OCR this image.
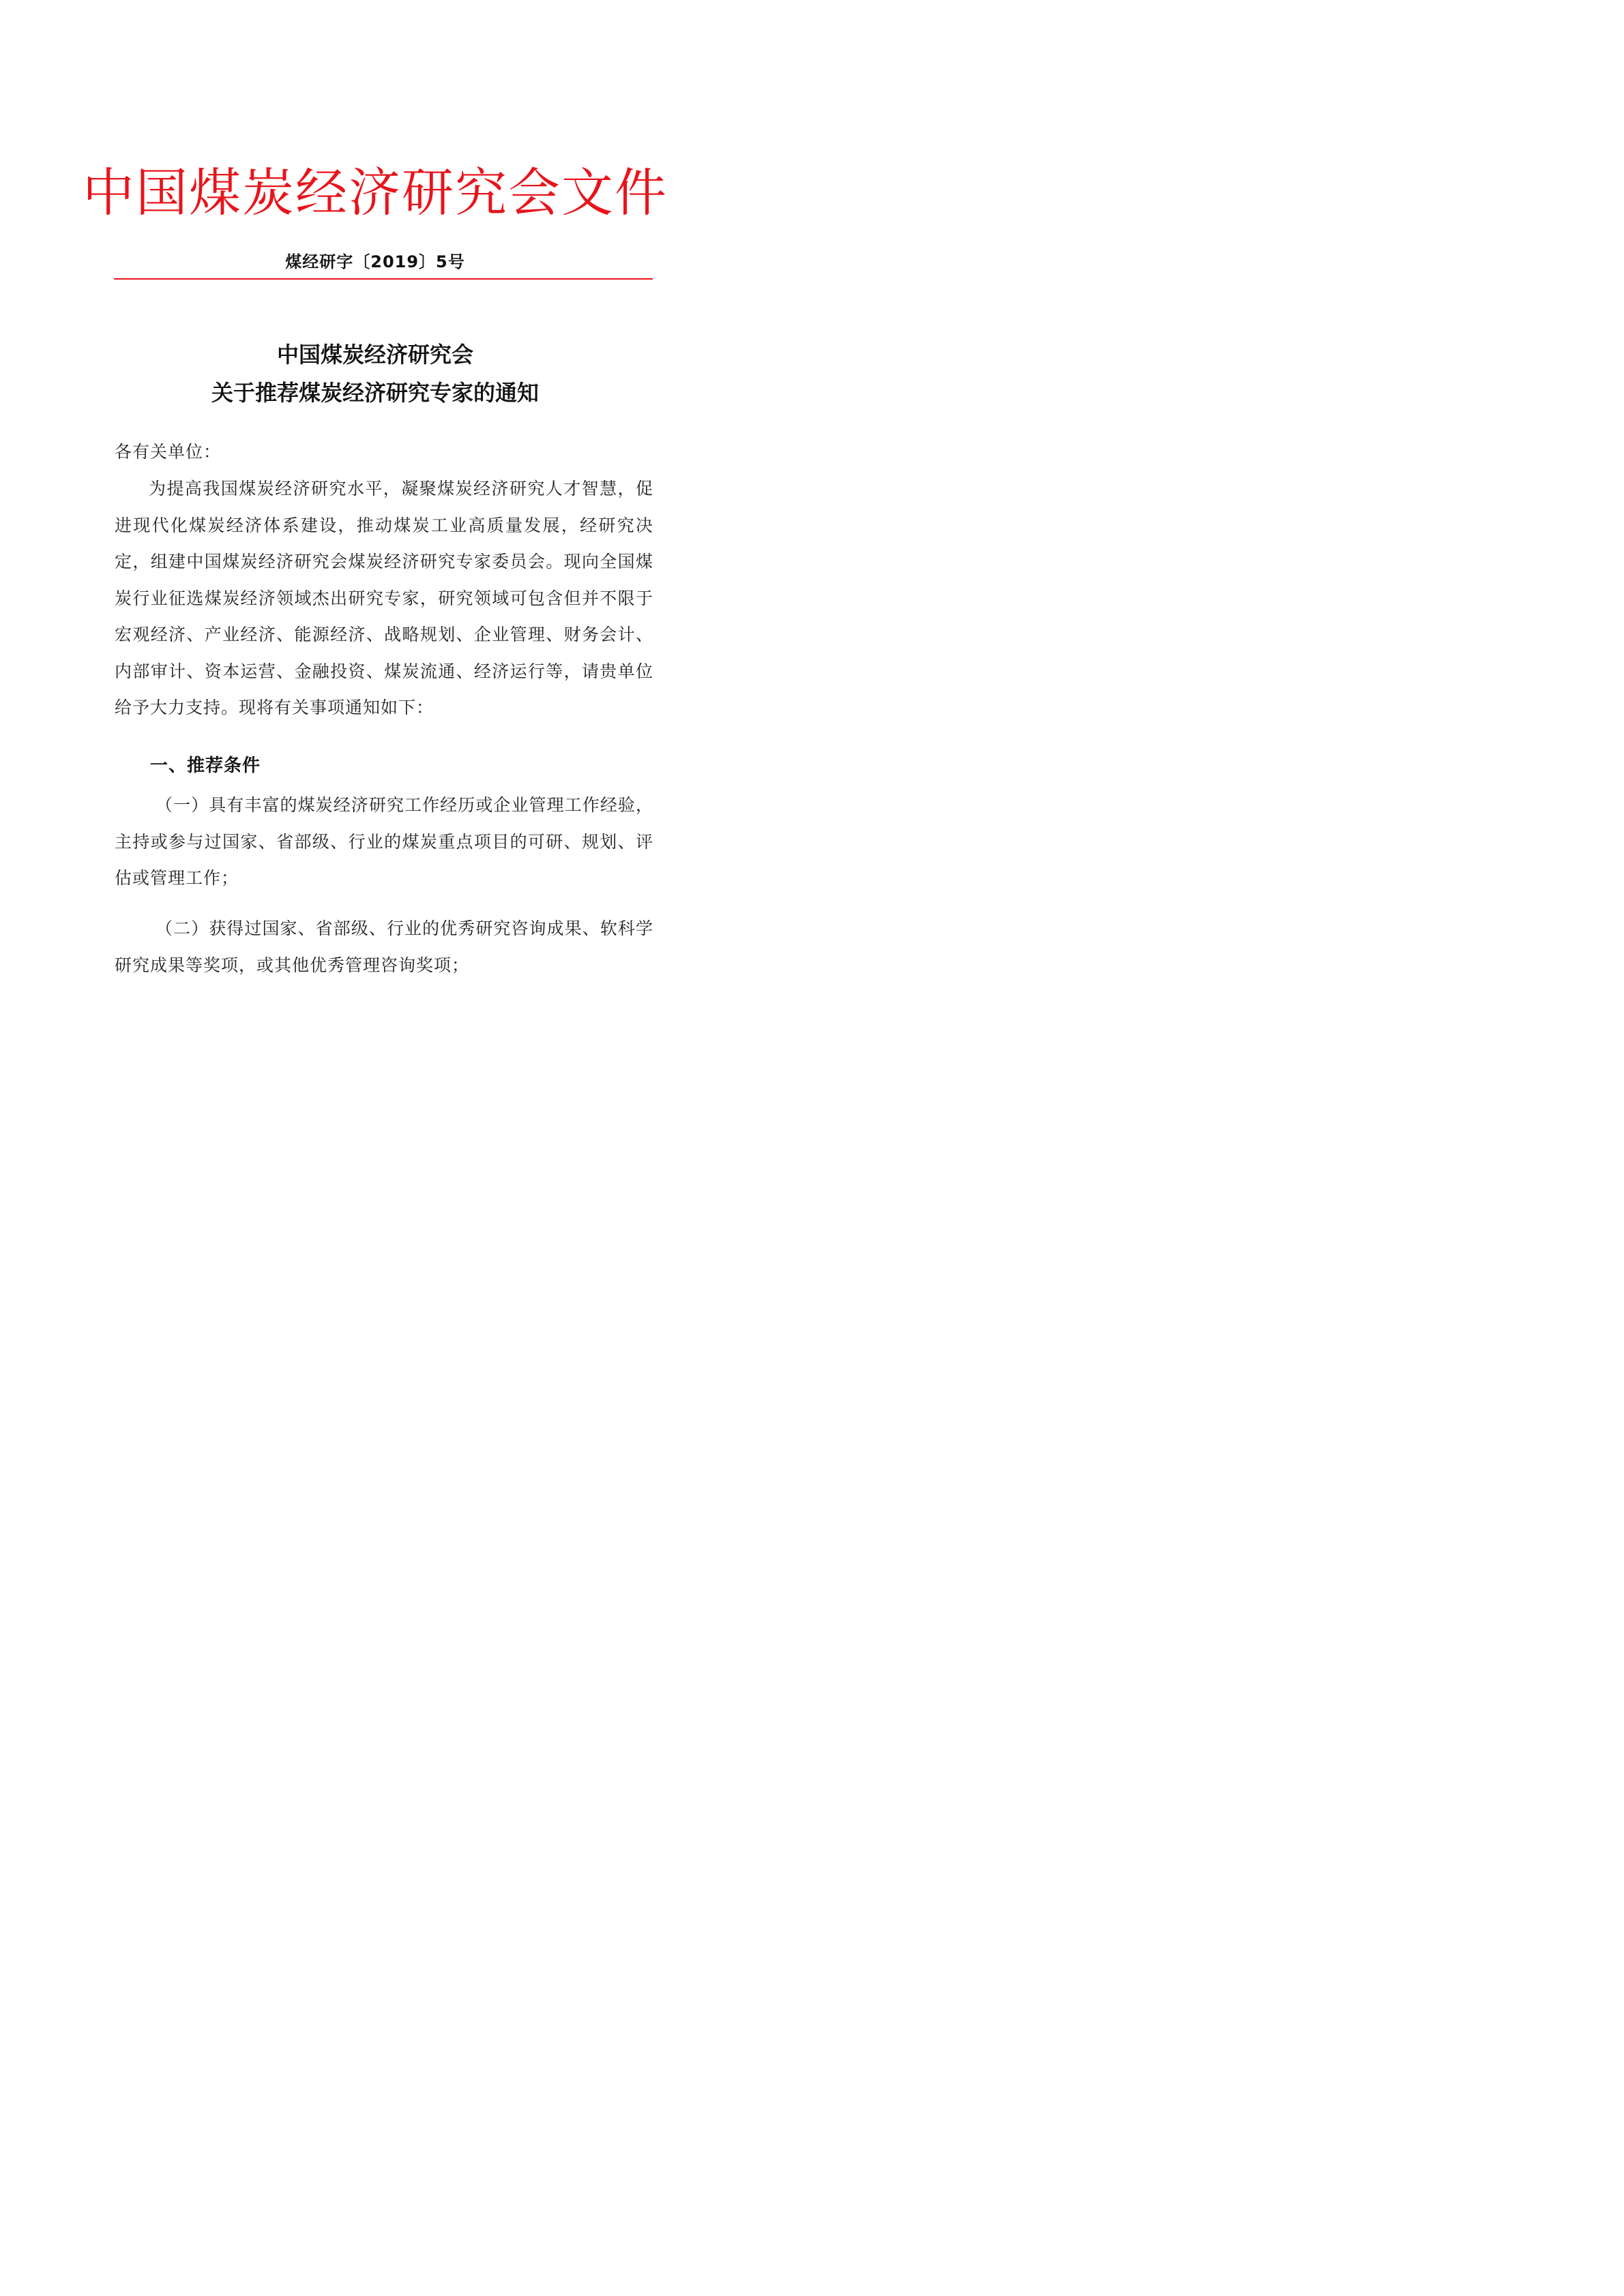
中国煤炭经济研究会文件
煤经研字〔2019〕5号
中国煤炭经济研究会
关于推荐煤炭经济研究专家的通知

各有关单位：

为提高我国煤炭经济研究水平，凝聚煤炭经济研究人才智慧，促进现代化煤炭经济体系建设，推动煤炭工业高质量发展，经研究决定，组建中国煤炭经济研究会煤炭经济研究专家委员会。现向全国煤炭行业征选煤炭经济领域杰出研究专家，研究领域可包含但并不限于宏观经济、产业经济、能源经济、战略规划、企业管理、财务会计、内部审计、资本运营、金融投资、煤炭流通、经济运行等，请贵单位给予大力支持。现将有关事项通知如下：

一、推荐条件

（一）具有丰富的煤炭经济研究工作经历或企业管理工作经验，主持或参与过国家、省部级、行业的煤炭重点项目的可研、规划、评估或管理工作；

（二）获得过国家、省部级、行业的优秀研究咨询成果、软科学研究成果等奖项，或其他优秀管理咨询奖项；
